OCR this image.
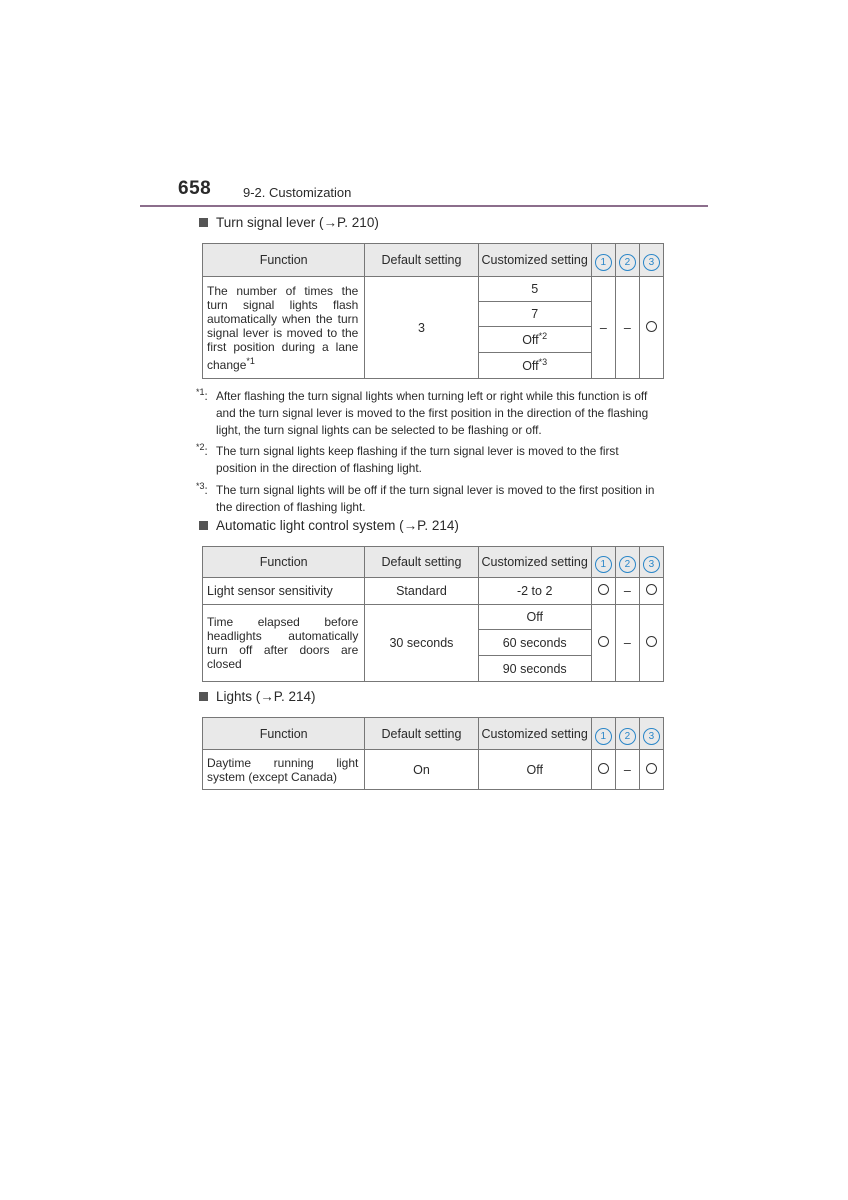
658 9-2. Customization
Turn signal lever (→P. 210)
Function	Default setting	Customized setting	1	2	3
The number of times the turn signal lights flash automatically when the turn signal lever is moved to the first position during a lane change$^{*1}$	3	5	–	–	
		7			
		Off$^{*2}$
		Off$^{*3}$
$^{*1}$: After flashing the turn signal lights when turning left or right while this function is off and the turn signal lever is moved to the first position in the direction of the flashing light, the turn signal lights can be selected to be flashing or off.
$^{*2}$: The turn signal lights keep flashing if the turn signal lever is moved to the first position in the direction of flashing light.
$^{*3}$: The turn signal lights will be off if the turn signal lever is moved to the first position in the direction of flashing light.
Automatic light control system (→P. 214)
Function	Default setting	Customized setting	1	2	3
Light sensor sensitivity	Standard	-2 to 2		–	
Time elapsed before headlights automatically turn off after doors are closed	30 seconds	Off		–	
		60 seconds			
		90 seconds			
Lights (→P. 214)
Function	Default setting	Customized setting	1	2	3
Daytime running light system (except Canada)	On	Off		–	
